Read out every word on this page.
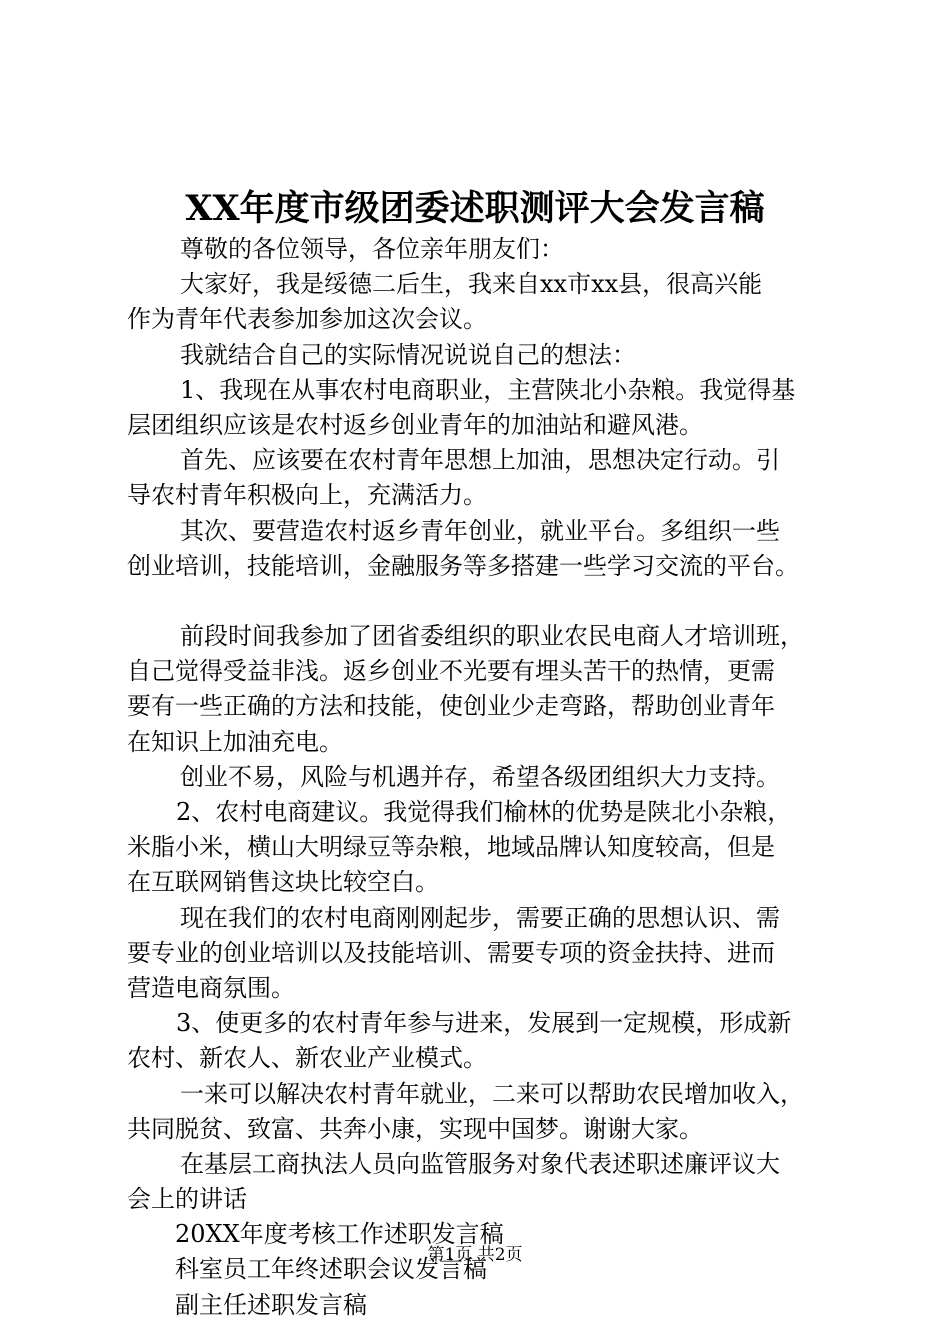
XX年度市级团委述职测评大会发言稿
尊敬的各位领导，各位亲年朋友们：
大家好，我是绥德二后生，我来自xx市xx县，很高兴能
作为青年代表参加参加这次会议。
我就结合自己的实际情况说说自己的想法：
1、我现在从事农村电商职业，主营陕北小杂粮。我觉得基
层团组织应该是农村返乡创业青年的加油站和避风港。
首先、应该要在农村青年思想上加油，思想决定行动。引
导农村青年积极向上，充满活力。
其次、要营造农村返乡青年创业，就业平台。多组织一些
创业培训，技能培训，金融服务等多搭建一些学习交流的平台。
前段时间我参加了团省委组织的职业农民电商人才培训班，
自己觉得受益非浅。返乡创业不光要有埋头苦干的热情，更需
要有一些正确的方法和技能，使创业少走弯路，帮助创业青年
在知识上加油充电。
创业不易，风险与机遇并存，希望各级团组织大力支持。
2、农村电商建议。我觉得我们榆林的优势是陕北小杂粮，
米脂小米，横山大明绿豆等杂粮，地域品牌认知度较高，但是
在互联网销售这块比较空白。
现在我们的农村电商刚刚起步，需要正确的思想认识、需
要专业的创业培训以及技能培训、需要专项的资金扶持、进而
营造电商氛围。
3、使更多的农村青年参与进来，发展到一定规模，形成新
农村、新农人、新农业产业模式。
一来可以解决农村青年就业，二来可以帮助农民增加收入，
共同脱贫、致富、共奔小康，实现中国梦。谢谢大家。
在基层工商执法人员向监管服务对象代表述职述廉评议大
会上的讲话
20XX年度考核工作述职发言稿
科室员工年终述职会议发言稿
副主任述职发言稿
第1页 共2页
